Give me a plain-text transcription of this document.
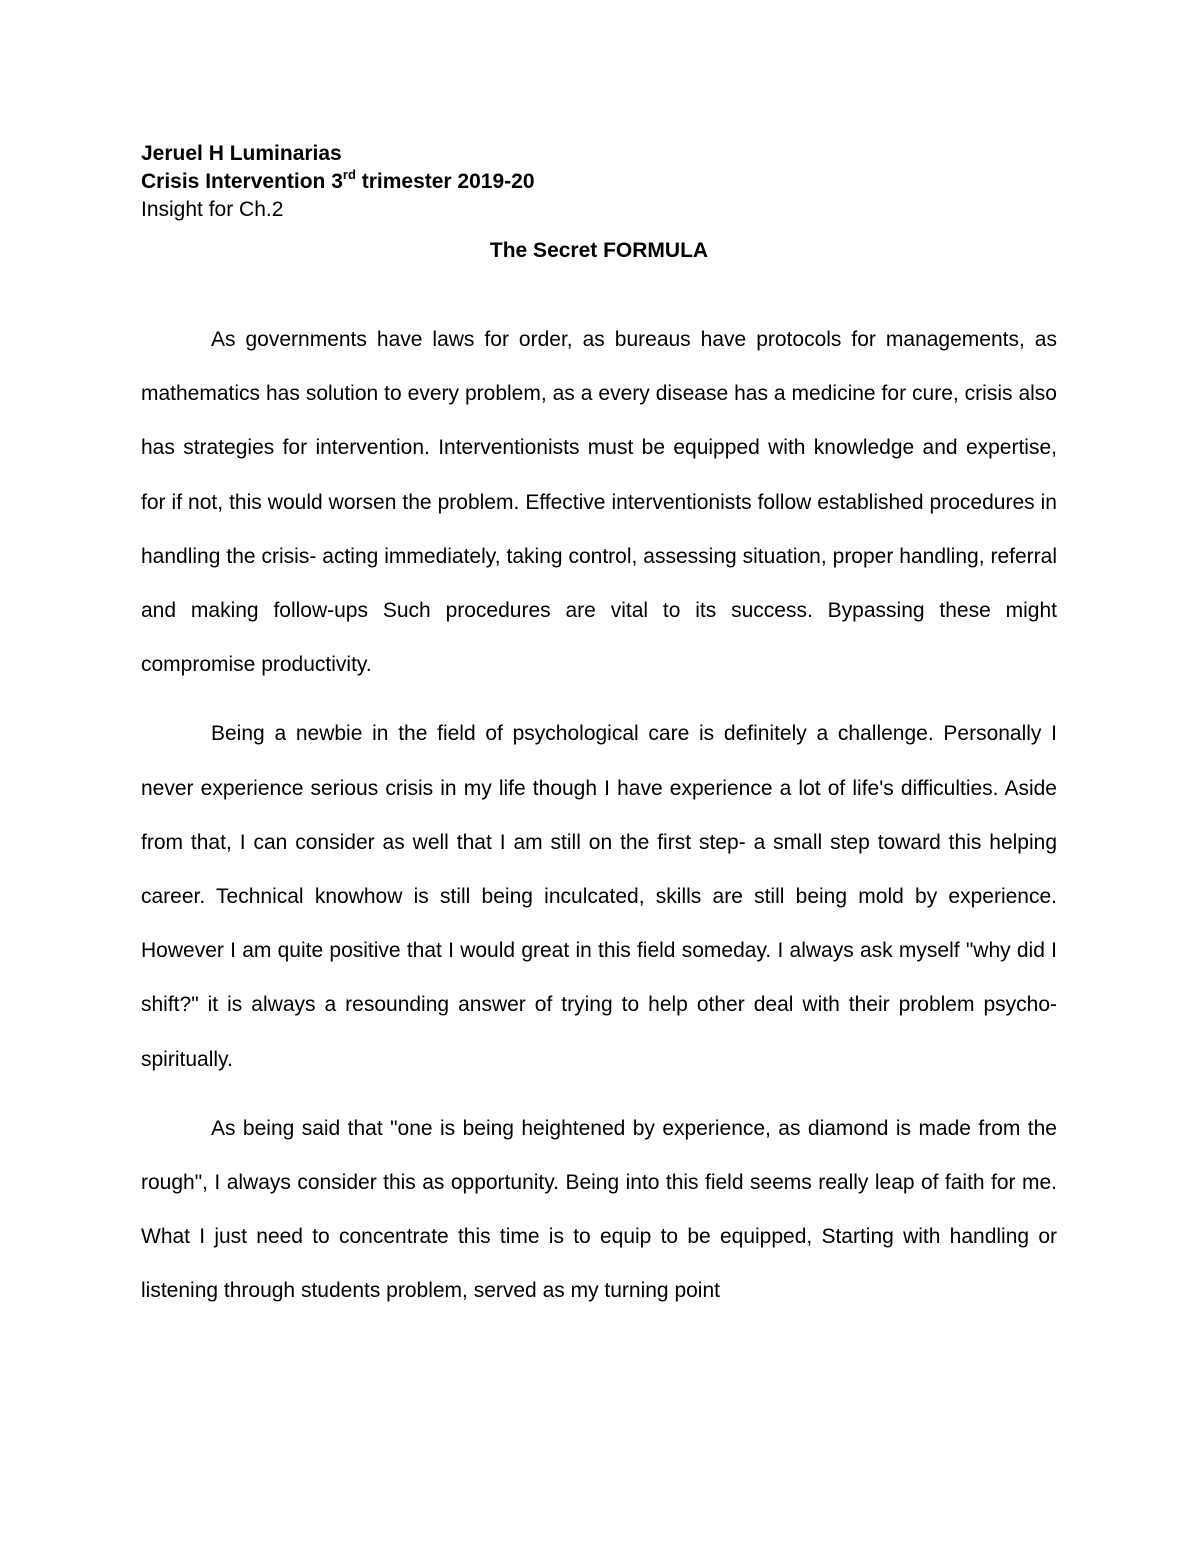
Jeruel H Luminarias

Crisis Intervention 3rd trimester 2019-20

Insight for Ch.2

The Secret FORMULA

As governments have laws for order, as bureaus have protocols for managements, as mathematics has solution to every problem, as a every disease has a medicine for cure, crisis also has strategies for intervention. Interventionists must be equipped with knowledge and expertise, for if not, this would worsen the problem. Effective interventionists follow established procedures in handling the crisis- acting immediately, taking control, assessing situation, proper handling, referral and making follow-ups Such procedures are vital to its success. Bypassing these might compromise productivity.

Being a newbie in the field of psychological care is definitely a challenge. Personally I never experience serious crisis in my life though I have experience a lot of life's difficulties. Aside from that, I can consider as well that I am still on the first step- a small step toward this helping career. Technical knowhow is still being inculcated, skills are still being mold by experience. However I am quite positive that I would great in this field someday. I always ask myself "why did I shift?" it is always a resounding answer of trying to help other deal with their problem psycho-spiritually.

As being said that "one is being heightened by experience, as diamond is made from the rough", I always consider this as opportunity. Being into this field seems really leap of faith for me. What I just need to concentrate this time is to equip to be equipped, Starting with handling or listening through students problem, served as my turning point
